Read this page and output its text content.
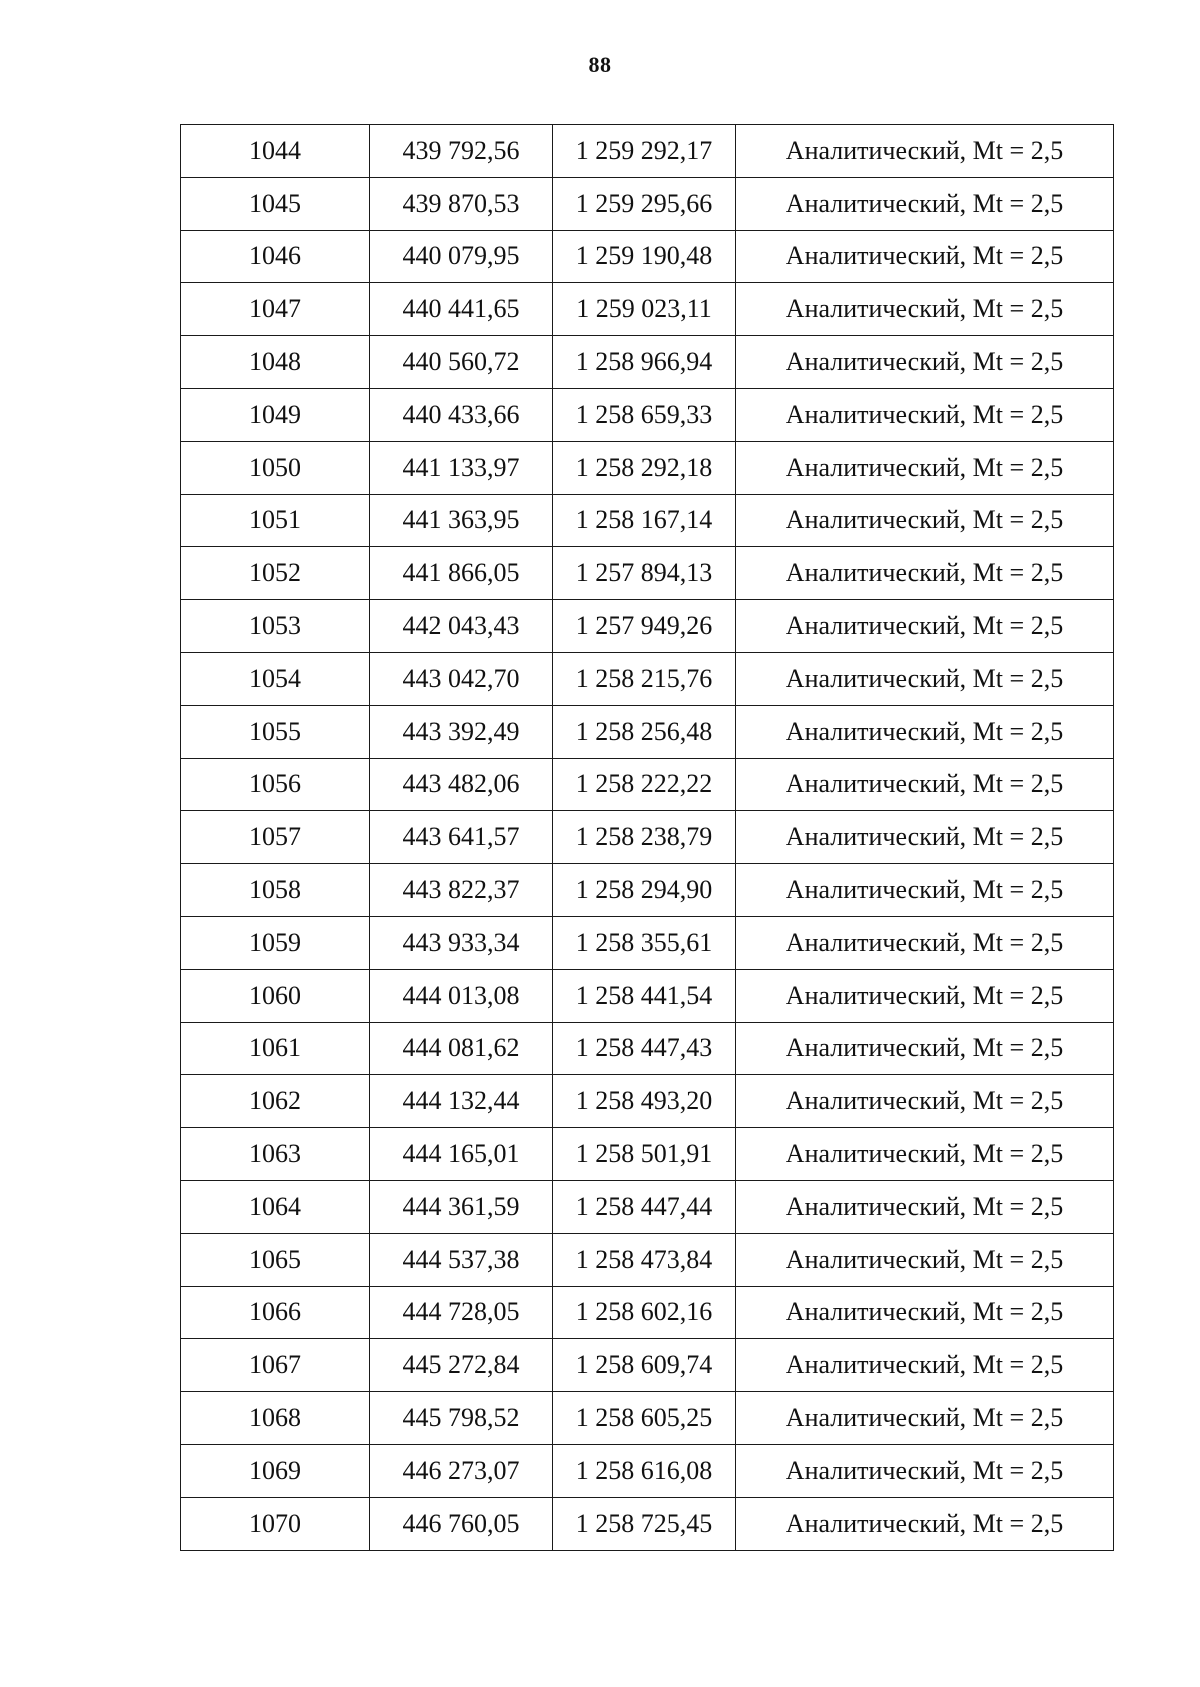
88
1044	439 792,56	1 259 292,17	Аналитический, Mt = 2,5
1045	439 870,53	1 259 295,66	Аналитический, Mt = 2,5
1046	440 079,95	1 259 190,48	Аналитический, Mt = 2,5
1047	440 441,65	1 259 023,11	Аналитический, Mt = 2,5
1048	440 560,72	1 258 966,94	Аналитический, Mt = 2,5
1049	440 433,66	1 258 659,33	Аналитический, Mt = 2,5
1050	441 133,97	1 258 292,18	Аналитический, Mt = 2,5
1051	441 363,95	1 258 167,14	Аналитический, Mt = 2,5
1052	441 866,05	1 257 894,13	Аналитический, Mt = 2,5
1053	442 043,43	1 257 949,26	Аналитический, Mt = 2,5
1054	443 042,70	1 258 215,76	Аналитический, Mt = 2,5
1055	443 392,49	1 258 256,48	Аналитический, Mt = 2,5
1056	443 482,06	1 258 222,22	Аналитический, Mt = 2,5
1057	443 641,57	1 258 238,79	Аналитический, Mt = 2,5
1058	443 822,37	1 258 294,90	Аналитический, Mt = 2,5
1059	443 933,34	1 258 355,61	Аналитический, Mt = 2,5
1060	444 013,08	1 258 441,54	Аналитический, Mt = 2,5
1061	444 081,62	1 258 447,43	Аналитический, Mt = 2,5
1062	444 132,44	1 258 493,20	Аналитический, Mt = 2,5
1063	444 165,01	1 258 501,91	Аналитический, Mt = 2,5
1064	444 361,59	1 258 447,44	Аналитический, Mt = 2,5
1065	444 537,38	1 258 473,84	Аналитический, Mt = 2,5
1066	444 728,05	1 258 602,16	Аналитический, Mt = 2,5
1067	445 272,84	1 258 609,74	Аналитический, Mt = 2,5
1068	445 798,52	1 258 605,25	Аналитический, Mt = 2,5
1069	446 273,07	1 258 616,08	Аналитический, Mt = 2,5
1070	446 760,05	1 258 725,45	Аналитический, Mt = 2,5
